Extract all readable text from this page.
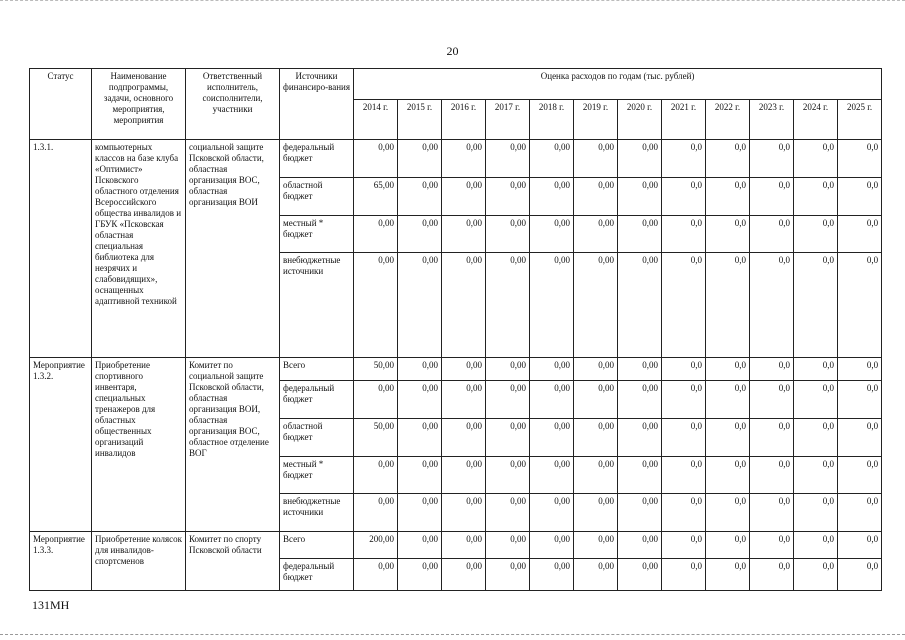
20
Статус	Наименование подпрограммы, задачи, основного мероприятия, мероприятия	Ответственный исполнитель, соисполнители, участники	Источники финансиро-вания	Оценка расходов по годам (тыс. рублей)											
				2014 г.	2015 г.	2016 г.	2017 г.	2018 г.	2019 г.	2020 г.	2021 г.	2022 г.	2023 г.	2024 г.	2025 г.
1.3.1.	компьютерных классов на базе клуба «Оптимист» Псковского областного отделения Всероссийского общества инвалидов и ГБУК «Псковская областная специальная библиотека для незрячих и слабовидящих», оснащенных адаптивной техникой	социальной защите Псковской области, областная организация ВОС, областная организация ВОИ	федеральный бюджет	0,00	0,00	0,00	0,00	0,00	0,00	0,00	0,0	0,0	0,0	0,0	0,0
			областной бюджет	65,00	0,00	0,00	0,00	0,00	0,00	0,00	0,0	0,0	0,0	0,0	0,0
			местный * бюджет	0,00	0,00	0,00	0,00	0,00	0,00	0,00	0,0	0,0	0,0	0,0	0,0
			внебюджетные источники	0,00	0,00	0,00	0,00	0,00	0,00	0,00	0,0	0,0	0,0	0,0	0,0
Мероприятие 1.3.2.	Приобретение спортивного инвентаря, специальных тренажеров для областных общественных организаций инвалидов	Комитет по социальной защите Псковской области, областная организация ВОИ, областная организация ВОС, областное отделение ВОГ	Всего	50,00	0,00	0,00	0,00	0,00	0,00	0,00	0,0	0,0	0,0	0,0	0,0
			федеральный бюджет	0,00	0,00	0,00	0,00	0,00	0,00	0,00	0,0	0,0	0,0	0,0	0,0
			областной бюджет	50,00	0,00	0,00	0,00	0,00	0,00	0,00	0,0	0,0	0,0	0,0	0,0
			местный * бюджет	0,00	0,00	0,00	0,00	0,00	0,00	0,00	0,0	0,0	0,0	0,0	0,0
			внебюджетные источники	0,00	0,00	0,00	0,00	0,00	0,00	0,00	0,0	0,0	0,0	0,0	0,0
Мероприятие 1.3.3.	Приобретение колясок для инвалидов-спортсменов	Комитет по спорту Псковской области	Всего	200,00	0,00	0,00	0,00	0,00	0,00	0,00	0,0	0,0	0,0	0,0	0,0
			федеральный бюджет	0,00	0,00	0,00	0,00	0,00	0,00	0,00	0,0	0,0	0,0	0,0	0,0
131МН
